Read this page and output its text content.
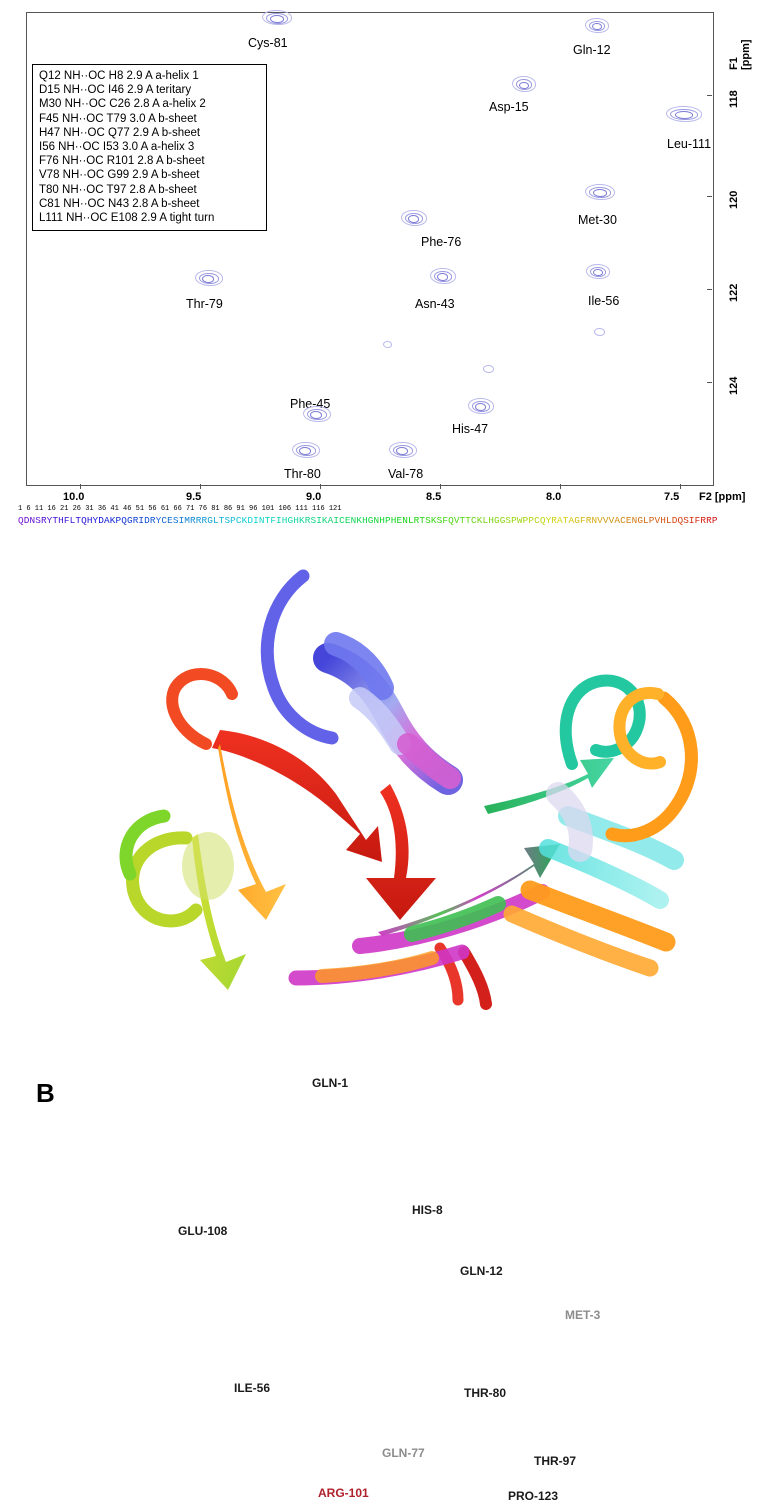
Q12 NH··OC H8 2.9 A a-helix 1
D15 NH··OC I46 2.9 A teritary
M30 NH··OC C26 2.8 A a-helix 2
F45 NH··OC T79 3.0 A b-sheet
H47 NH··OC Q77 2.9 A b-sheet
I56 NH··OC I53 3.0 A a-helix 3
F76 NH··OC R101 2.8 A b-sheet
V78 NH··OC G99 2.9 A b-sheet
T80 NH··OC T97 2.8 A b-sheet
C81 NH··OC N43 2.8 A b-sheet
L111 NH··OC E108 2.9 A tight turn
Cys-81	Gln-12
Asp-15
Leu-111
Met-30
Phe-76
Thr-79	Asn-43	Ile-56
Phe-45
His-47
Thr-80	Val-78
10.0	9.5	9.0	8.5	8.0	7.5 F2 [ppm]
118
120
122
124
F1 [ppm]
1 6 11 16 21 26 31 36 41 46 51 56 61 66 71 76 81 86 91 96 101 106 111 116 121
QDNSRYTHFLTQHYDAKPQGRIDRYCESIMRRRGLTSPCKDINTFIHGHKRSIKAICENKHGNHPHENLRTSKSFQVTTCKLHGGSPWPPCQYRATAGFRNVVVACENGLPVHLDQSIFRRP
B	GLN-1
HIS-8
GLN-12
MET-3
GLU-108
ILE-56	THR-80
GLN-77
THR-97
ARG-101	PRO-123
